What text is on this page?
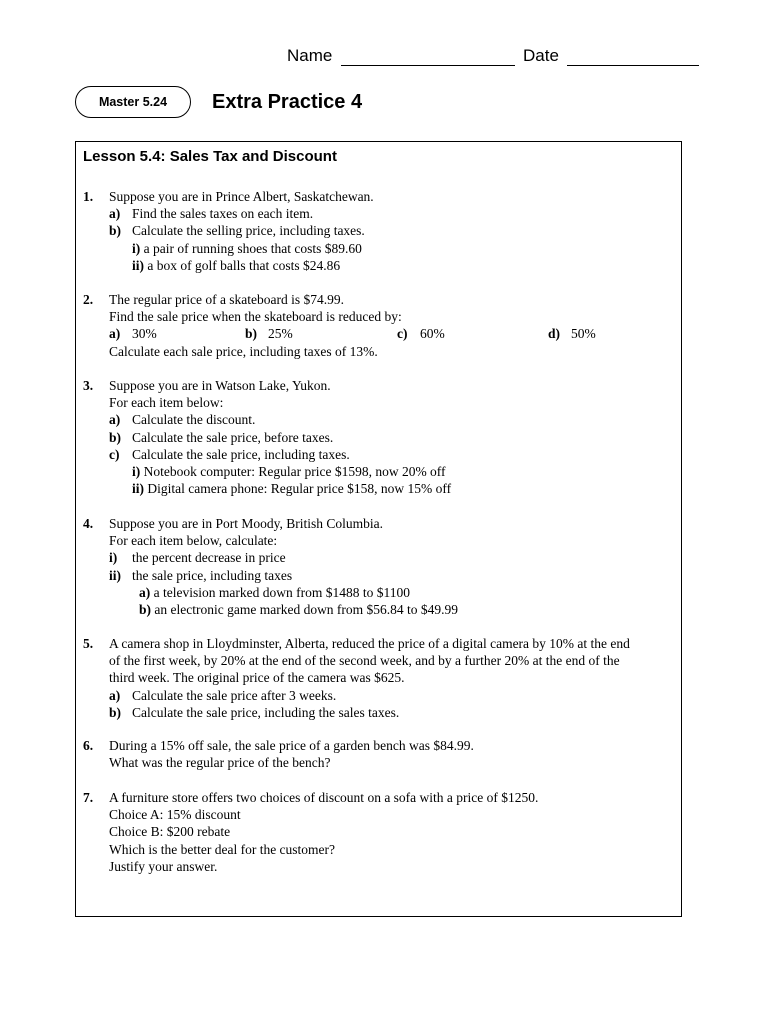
Name	Date
Master 5.24	Extra Practice 4
Lesson 5.4: Sales Tax and Discount
1. Suppose you are in Prince Albert, Saskatchewan.
a) Find the sales taxes on each item.
b) Calculate the selling price, including taxes.
i) a pair of running shoes that costs $89.60
ii) a box of golf balls that costs $24.86
2. The regular price of a skateboard is $74.99.
Find the sale price when the skateboard is reduced by:
a) 30%	b) 25%	c) 60%	d) 50%
Calculate each sale price, including taxes of 13%.
3. Suppose you are in Watson Lake, Yukon.
For each item below:
a) Calculate the discount.
b) Calculate the sale price, before taxes.
c) Calculate the sale price, including taxes.
i) Notebook computer: Regular price $1598, now 20% off
ii) Digital camera phone: Regular price $158, now 15% off
4. Suppose you are in Port Moody, British Columbia.
For each item below, calculate:
i) the percent decrease in price
ii) the sale price, including taxes
a) a television marked down from $1488 to $1100
b) an electronic game marked down from $56.84 to $49.99
5. A camera shop in Lloydminster, Alberta, reduced the price of a digital camera by 10% at the end
of the first week, by 20% at the end of the second week, and by a further 20% at the end of the
third week. The original price of the camera was $625.
a) Calculate the sale price after 3 weeks.
b) Calculate the sale price, including the sales taxes.
6. During a 15% off sale, the sale price of a garden bench was $84.99.
What was the regular price of the bench?
7. A furniture store offers two choices of discount on a sofa with a price of $1250.
Choice A: 15% discount
Choice B: $200 rebate
Which is the better deal for the customer?
Justify your answer.
